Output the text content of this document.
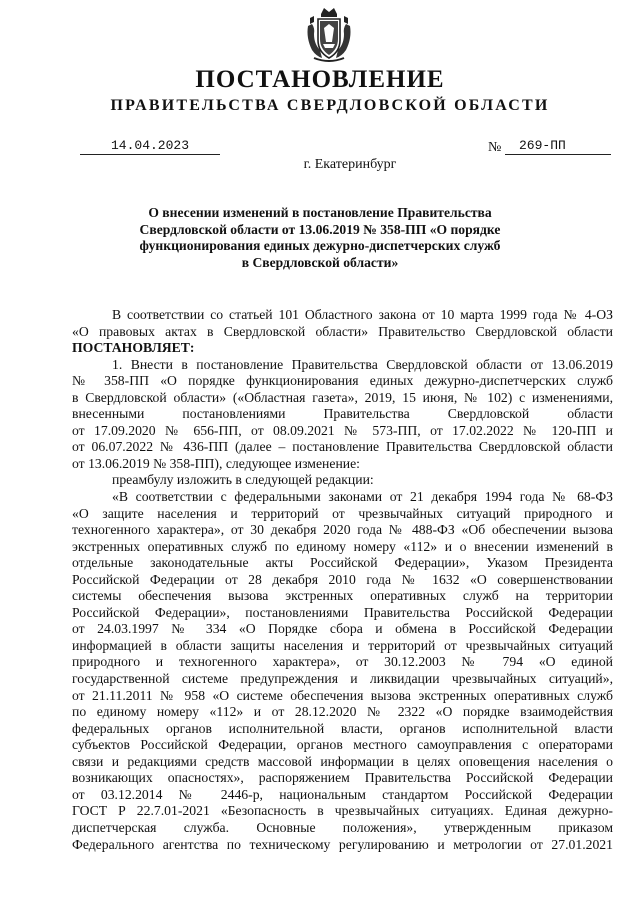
ПОСТАНОВЛЕНИЕ
ПРАВИТЕЛЬСТВА СВЕРДЛОВСКОЙ ОБЛАСТИ
14.04.2023	№	269-ПП
г. Екатеринбург
О внесении изменений в постановление Правительства
Свердловской области от 13.06.2019 № 358-ПП «О порядке
функционирования единых дежурно-диспетчерских служб
в Свердловской области»

В соответствии со статьей 101 Областного закона от 10 марта 1999 года № 4-ОЗ

«О правовых актах в Свердловской области» Правительство Свердловской области

ПОСТАНОВЛЯЕТ:

1. Внести в постановление Правительства Свердловской области от 13.06.2019

№ 358-ПП «О порядке функционирования единых дежурно-диспетчерских служб

в Свердловской области» («Областная газета», 2019, 15 июня, № 102) с изменениями,

внесенными постановлениями Правительства Свердловской области

от 17.09.2020 № 656-ПП, от 08.09.2021 № 573-ПП, от 17.02.2022 № 120-ПП и

от 06.07.2022 № 436-ПП (далее – постановление Правительства Свердловской области

от 13.06.2019 № 358-ПП), следующее изменение:

преамбулу изложить в следующей редакции:

«В соответствии с федеральными законами от 21 декабря 1994 года № 68-ФЗ

«О защите населения и территорий от чрезвычайных ситуаций природного и

техногенного характера», от 30 декабря 2020 года № 488-ФЗ «Об обеспечении вызова

экстренных оперативных служб по единому номеру «112» и о внесении изменений в

отдельные законодательные акты Российской Федерации», Указом Президента

Российской Федерации от 28 декабря 2010 года № 1632 «О совершенствовании

системы обеспечения вызова экстренных оперативных служб на территории

Российской Федерации», постановлениями Правительства Российской Федерации

от 24.03.1997 № 334 «О Порядке сбора и обмена в Российской Федерации

информацией в области защиты населения и территорий от чрезвычайных ситуаций

природного и техногенного характера», от 30.12.2003 № 794 «О единой

государственной системе предупреждения и ликвидации чрезвычайных ситуаций»,

от 21.11.2011 № 958 «О системе обеспечения вызова экстренных оперативных служб

по единому номеру «112» и от 28.12.2020 № 2322 «О порядке взаимодействия

федеральных органов исполнительной власти, органов исполнительной власти

субъектов Российской Федерации, органов местного самоуправления с операторами

связи и редакциями средств массовой информации в целях оповещения населения о

возникающих опасностях», распоряжением Правительства Российской Федерации

от 03.12.2014 № 2446-р, национальным стандартом Российской Федерации

ГОСТ Р 22.7.01-2021 «Безопасность в чрезвычайных ситуациях. Единая дежурно-

диспетчерская служба. Основные положения», утвержденным приказом

Федерального агентства по техническому регулированию и метрологии от 27.01.2021
